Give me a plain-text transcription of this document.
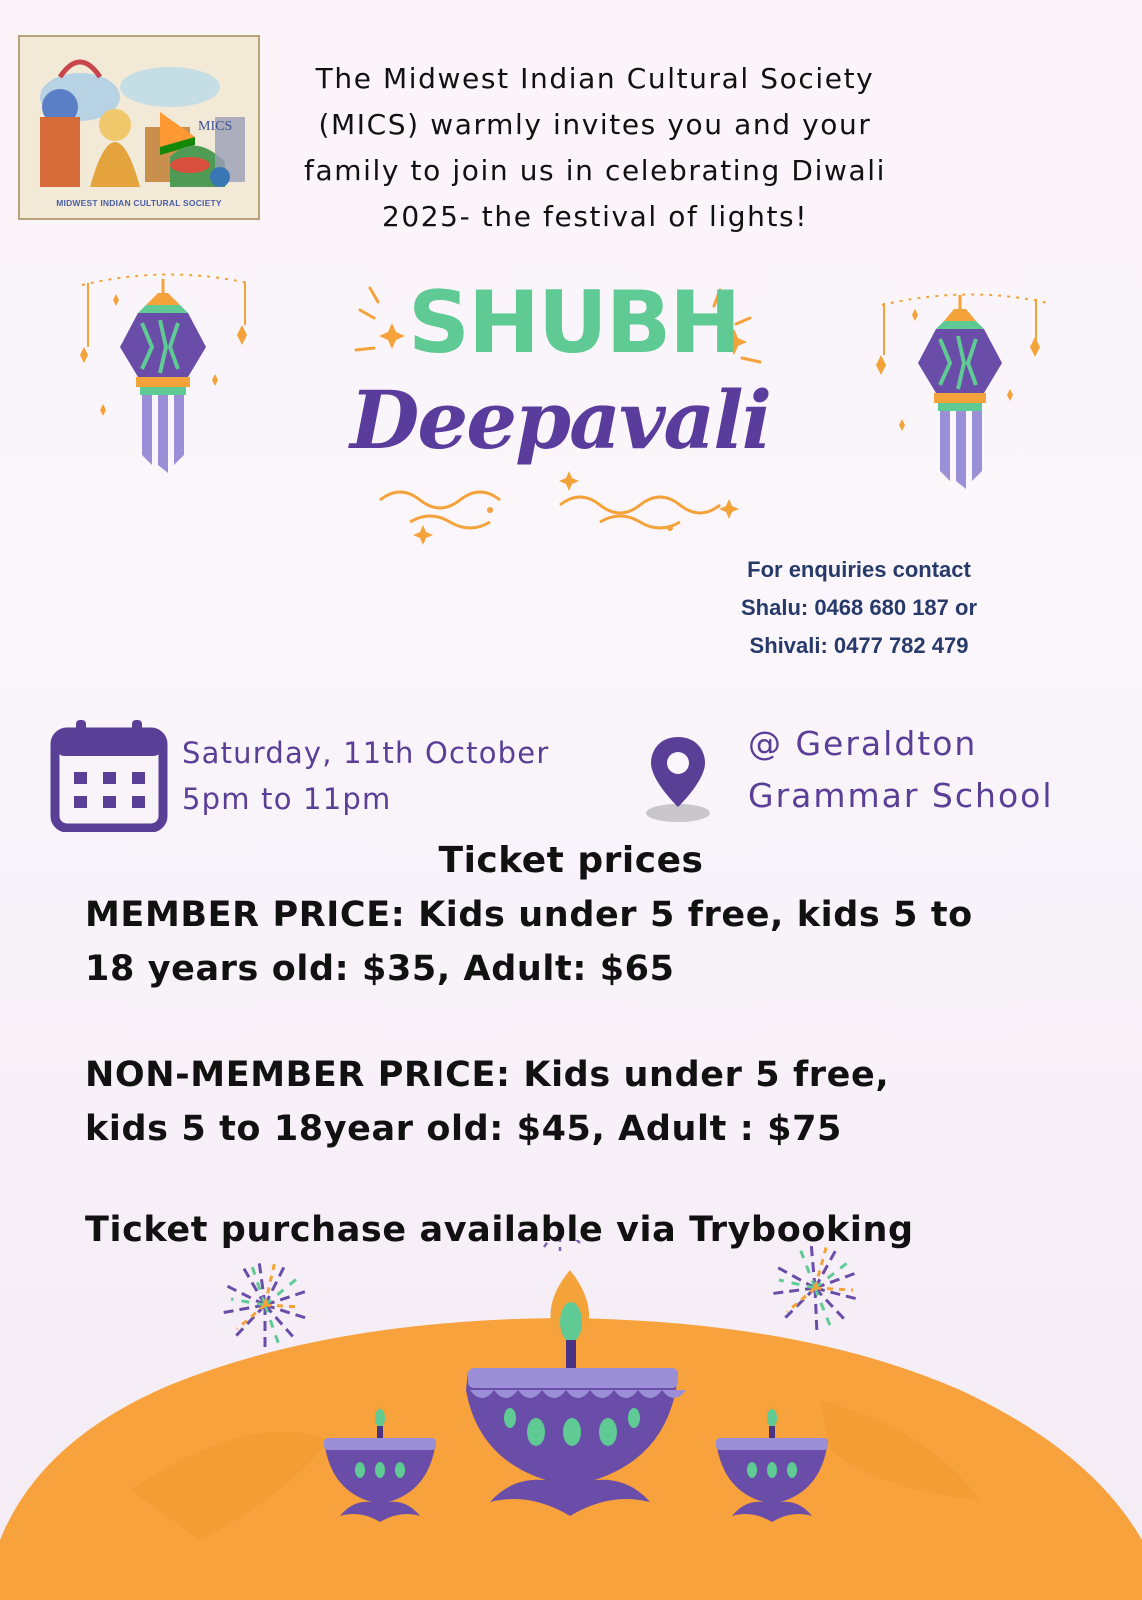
MICS
MIDWEST INDIAN CULTURAL SOCIETY
The Midwest Indian Cultural Society
(MICS) warmly invites you and your
family to join us in celebrating Diwali
2025- the festival of lights!
SHUBH
Deepavali
For enquiries contact
Shalu: 0468 680 187 or
Shivali: 0477 782 479
Saturday, 11th October
5pm to 11pm
@ Geraldton
Grammar School
Ticket prices
MEMBER PRICE: Kids under 5 free, kids 5 to
18 years old: $35, Adult: $65
NON-MEMBER PRICE: Kids under 5 free,
kids 5 to 18year old: $45, Adult : $75
Ticket purchase available via Trybooking
